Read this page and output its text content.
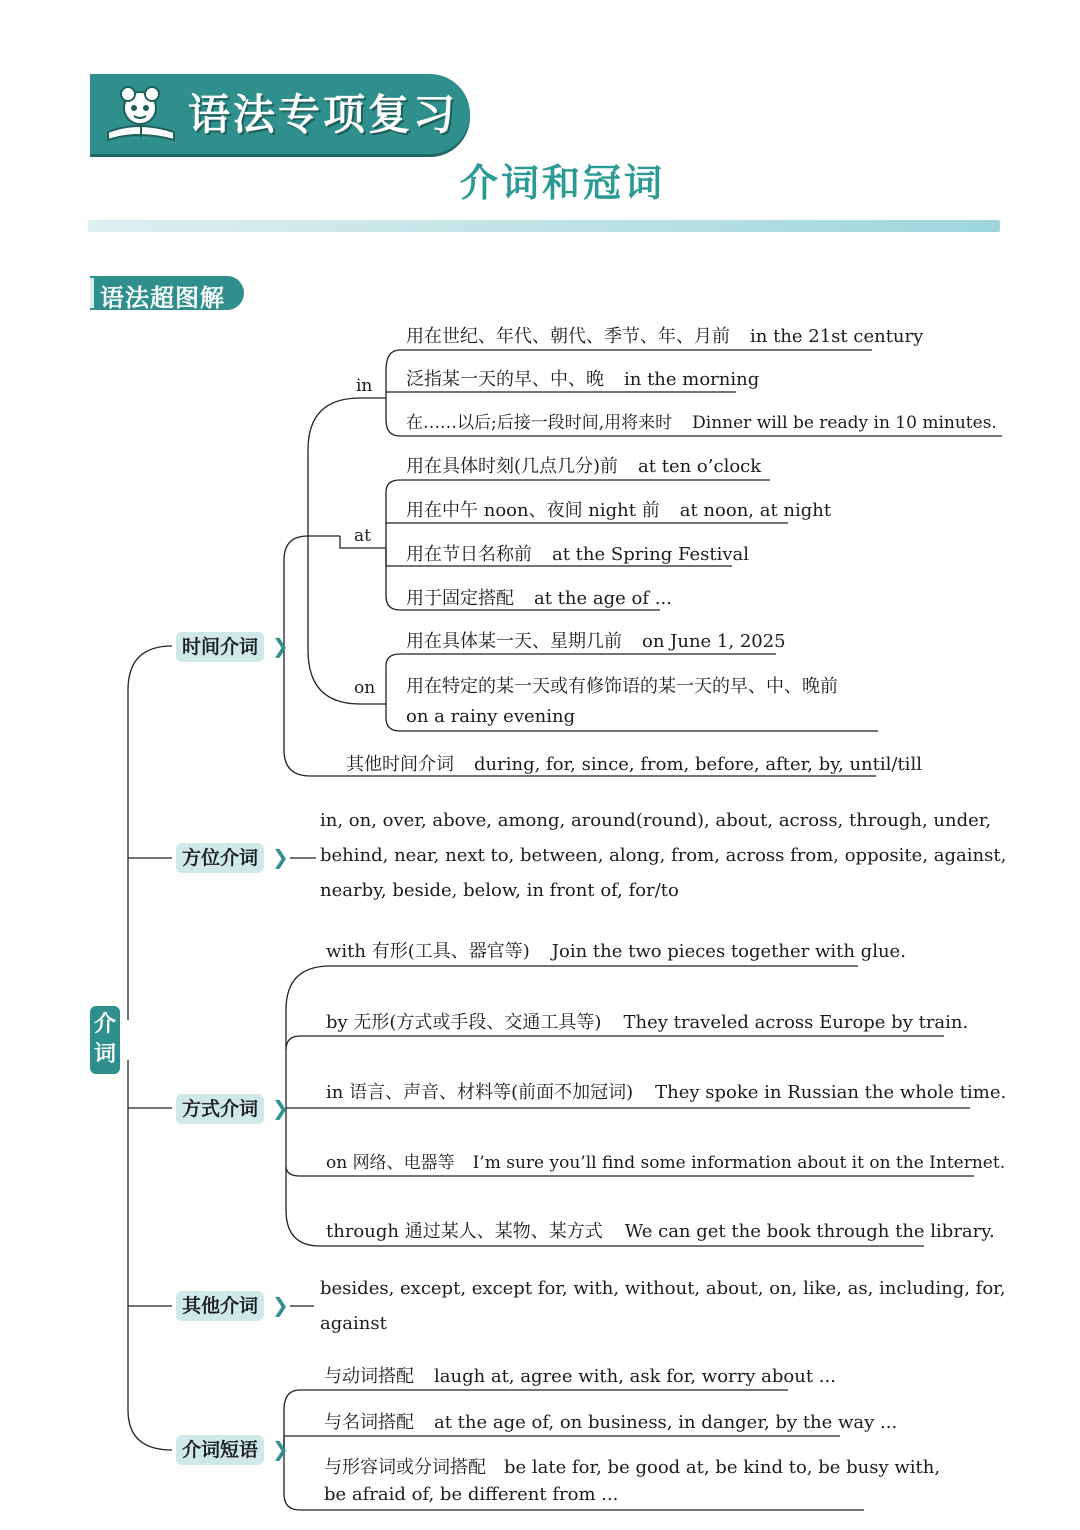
语法专项复习
介词和冠词
语法超图解
介词
时间介词 ❯
in
at
on
用在世纪、年代、朝代、季节、年、月前 in the 21st century
泛指某一天的早、中、晚 in the morning
在……以后;后接一段时间,用将来时 Dinner will be ready in 10 minutes.
用在具体时刻(几点几分)前 at ten o’clock
用在中午 noon、夜间 night 前 at noon, at night
用在节日名称前 at the Spring Festival
用于固定搭配 at the age of ...
用在具体某一天、星期几前 on June 1, 2025
用在特定的某一天或有修饰语的某一天的早、中、晚前
on a rainy evening
其他时间介词 during, for, since, from, before, after, by, until/till
方位介词 ❯
in, on, over, above, among, around(round), about, across, through, under,
behind, near, next to, between, along, from, across from, opposite, against,
nearby, beside, below, in front of, for/to
方式介词 ❯
with 有形(工具、器官等) Join the two pieces together with glue.
by 无形(方式或手段、交通工具等) They traveled across Europe by train.
in 语言、声音、材料等(前面不加冠词) They spoke in Russian the whole time.
on 网络、电器等 I’m sure you’ll find some information about it on the Internet.
through 通过某人、某物、某方式 We can get the book through the library.
其他介词 ❯
besides, except, except for, with, without, about, on, like, as, including, for,
against
介词短语 ❯
与动词搭配 laugh at, agree with, ask for, worry about ...
与名词搭配 at the age of, on business, in danger, by the way ...
与形容词或分词搭配 be late for, be good at, be kind to, be busy with,
be afraid of, be different from ...
